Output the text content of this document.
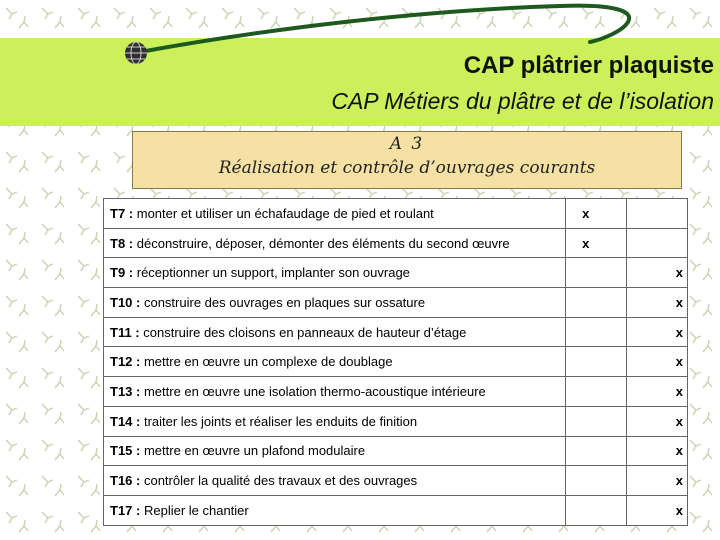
CAP plâtrier plaquiste
CAP Métiers du plâtre et de l’isolation
A 3
Réalisation et contrôle d’ouvrages courants
T7 : monter et utiliser un échafaudage de pied et roulant	x	
T8 : déconstruire, déposer, démonter des éléments du second œuvre	x	
T9 : réceptionner un support, implanter son ouvrage		x
T10 : construire des ouvrages en plaques sur ossature		x
T11 : construire des cloisons en panneaux de hauteur d’étage		x
T12 : mettre en œuvre un complexe de doublage		x
T13 : mettre en œuvre une isolation thermo-acoustique intérieure		x
T14 : traiter les joints et réaliser les enduits de finition		x
T15 : mettre en œuvre un plafond modulaire		x
T16 : contrôler la qualité des travaux et des ouvrages		x
T17 : Replier le chantier		x
